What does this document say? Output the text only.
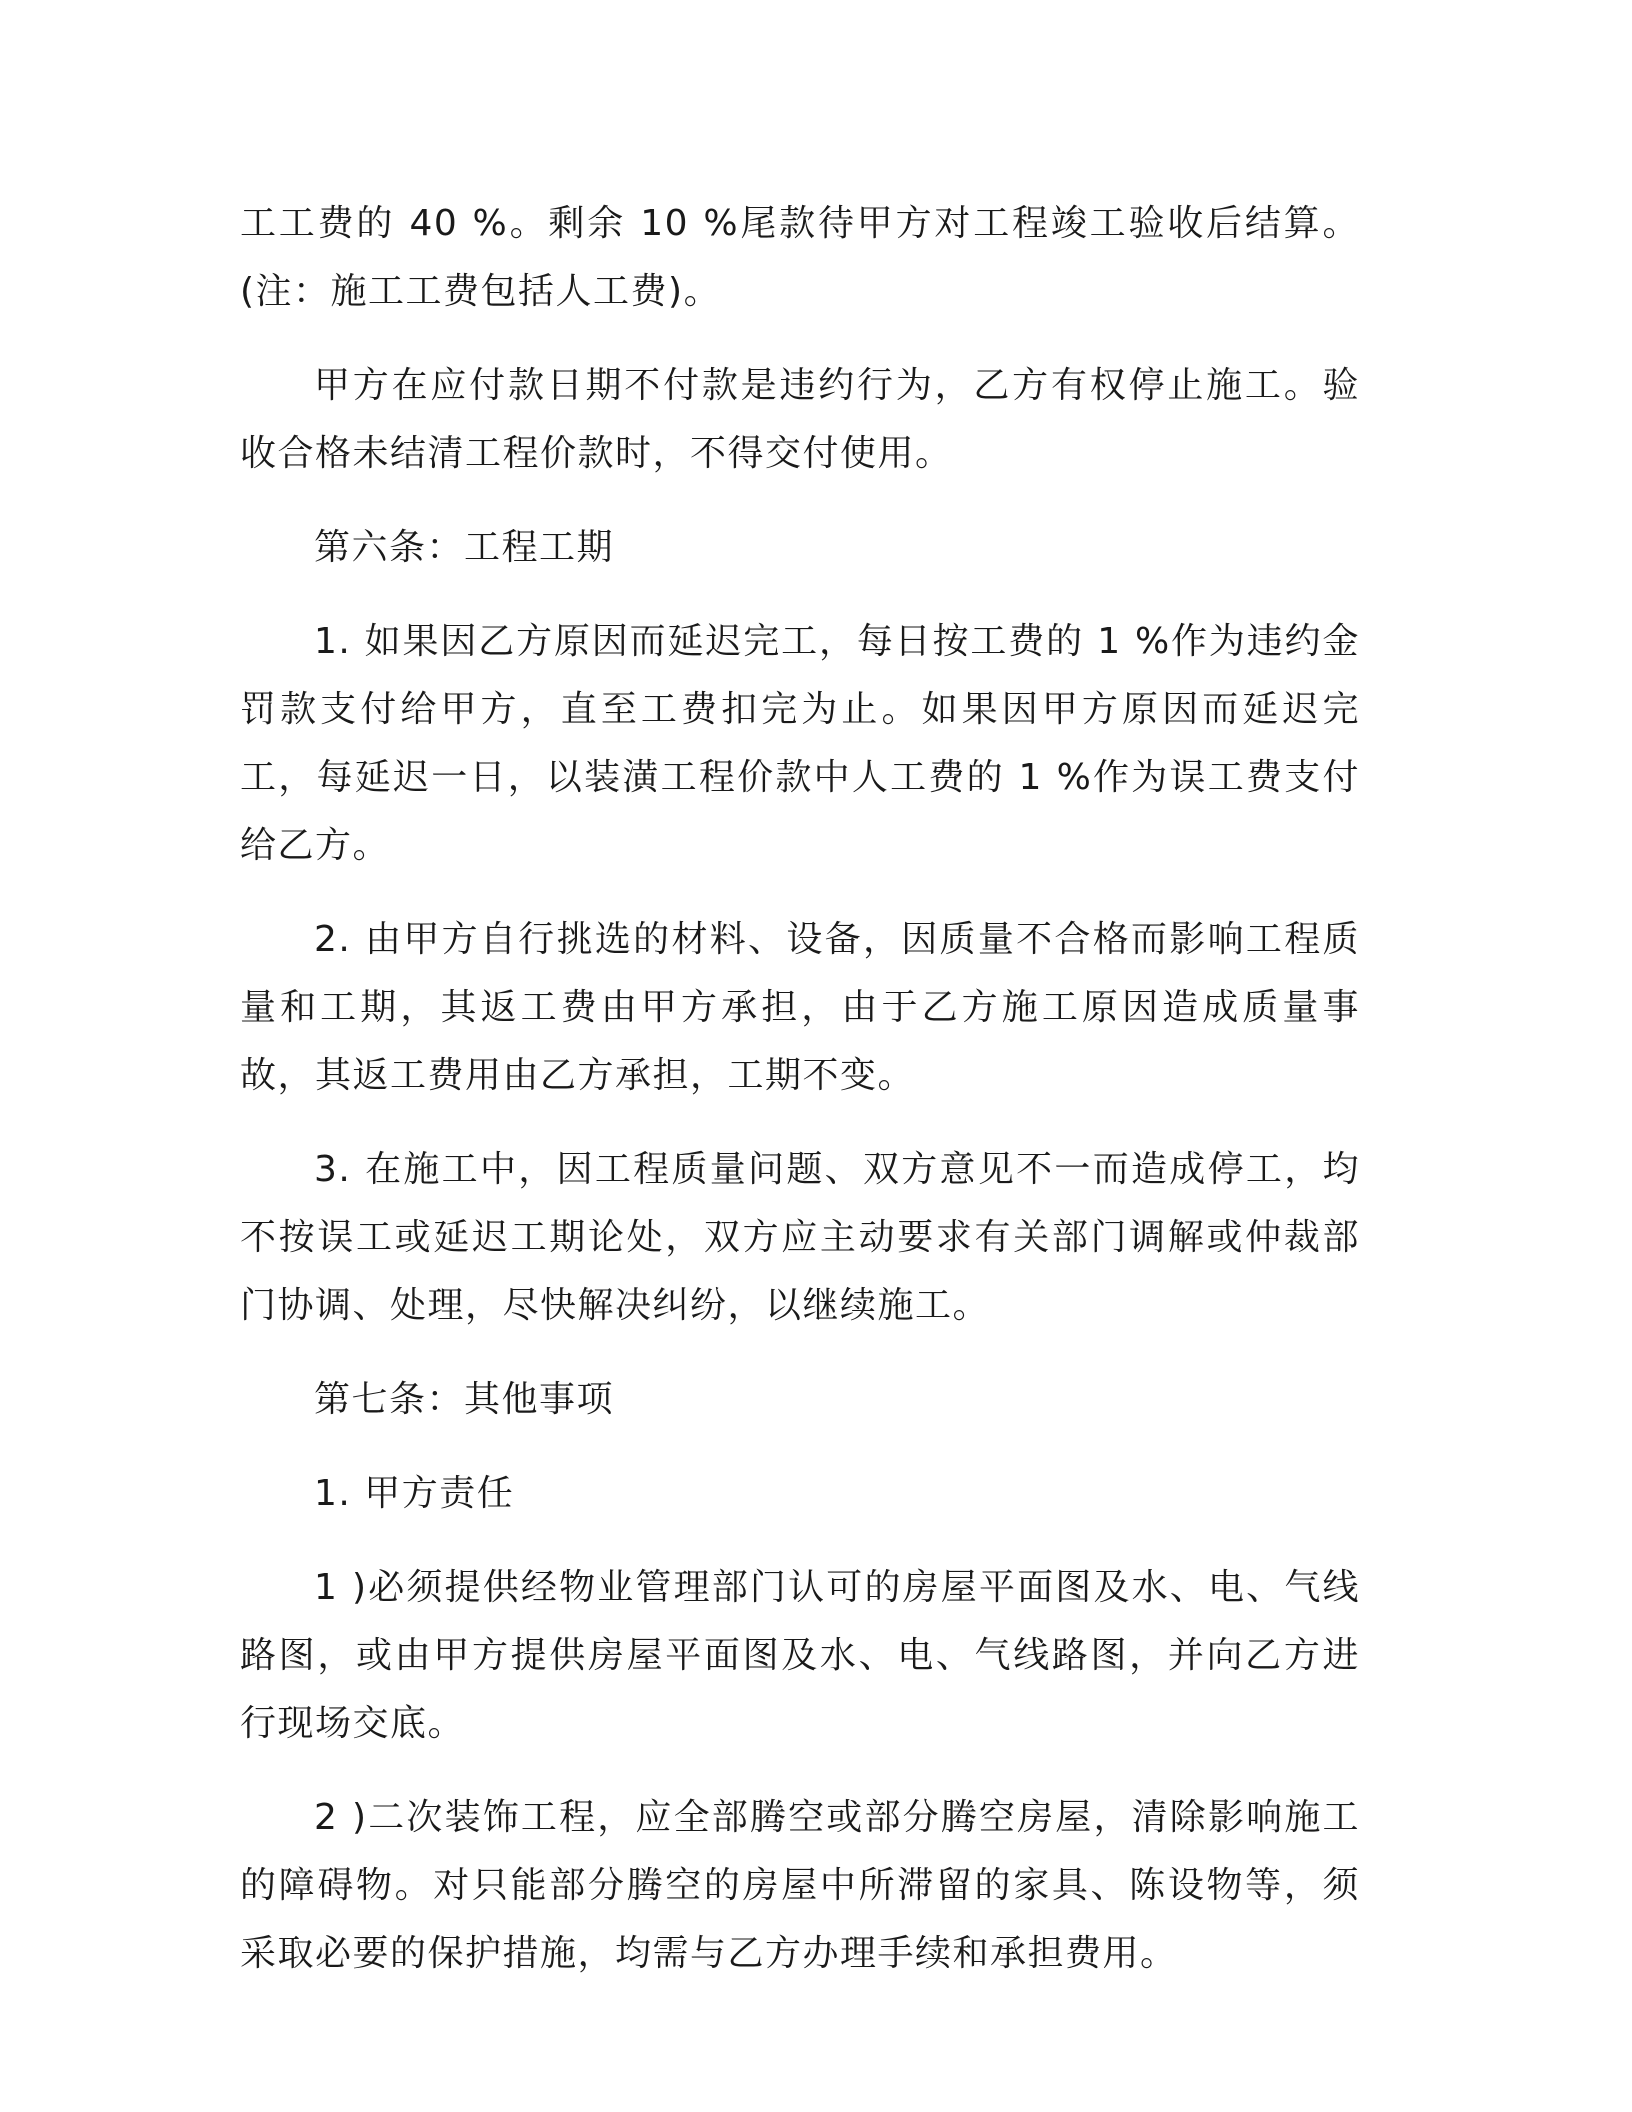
工工费的 40 %。剩余 10 %尾款待甲方对工程竣工验收后结算。(注：施工工费包括人工费)。

甲方在应付款日期不付款是违约行为，乙方有权停止施工。验收合格未结清工程价款时，不得交付使用。

第六条：工程工期

1. 如果因乙方原因而延迟完工，每日按工费的 1 %作为违约金罚款支付给甲方，直至工费扣完为止。如果因甲方原因而延迟完工，每延迟一日，以装潢工程价款中人工费的 1 %作为误工费支付给乙方。

2. 由甲方自行挑选的材料、设备，因质量不合格而影响工程质量和工期，其返工费由甲方承担，由于乙方施工原因造成质量事故，其返工费用由乙方承担，工期不变。

3. 在施工中，因工程质量问题、双方意见不一而造成停工，均不按误工或延迟工期论处，双方应主动要求有关部门调解或仲裁部门协调、处理，尽快解决纠纷，以继续施工。

第七条：其他事项

1. 甲方责任

1 )必须提供经物业管理部门认可的房屋平面图及水、电、气线路图，或由甲方提供房屋平面图及水、电、气线路图，并向乙方进行现场交底。

2 )二次装饰工程，应全部腾空或部分腾空房屋，清除影响施工的障碍物。对只能部分腾空的房屋中所滞留的家具、陈设物等，须采取必要的保护措施，均需与乙方办理手续和承担费用。
